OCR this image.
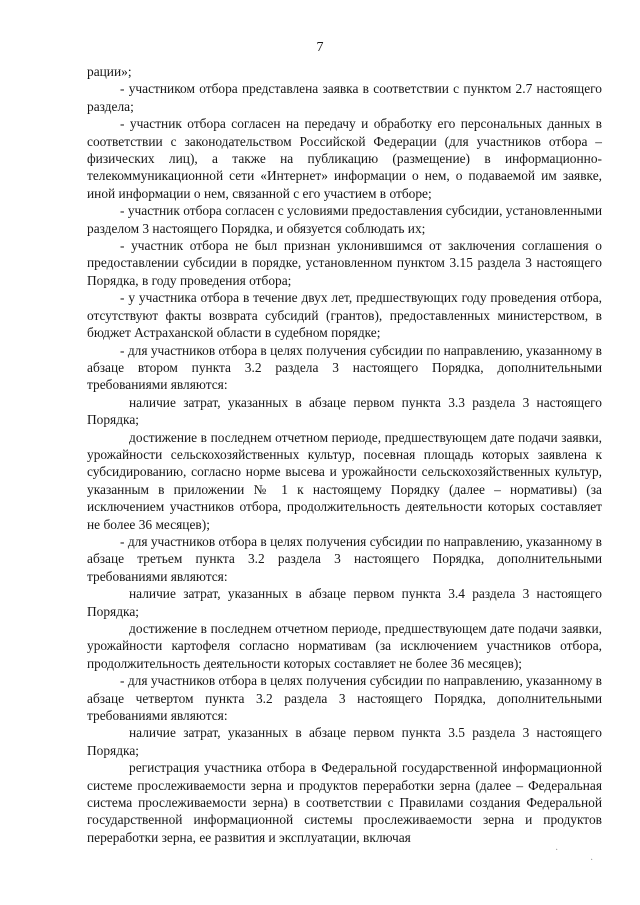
7

рации»;

- участником отбора представлена заявка в соответствии с пунктом 2.7 настоящего раздела;

- участник отбора согласен на передачу и обработку его персональных данных в соответствии с законодательством Российской Федерации (для участников отбора – физических лиц), а также на публикацию (размещение) в информационно-телекоммуникационной сети «Интернет» информации о нем, о подаваемой им заявке, иной информации о нем, связанной с его участием в отборе;

- участник отбора согласен с условиями предоставления субсидии, установленными разделом 3 настоящего Порядка, и обязуется соблюдать их;

- участник отбора не был признан уклонившимся от заключения соглашения о предоставлении субсидии в порядке, установленном пунктом 3.15 раздела 3 настоящего Порядка, в году проведения отбора;

- у участника отбора в течение двух лет, предшествующих году проведения отбора, отсутствуют факты возврата субсидий (грантов), предоставленных министерством, в бюджет Астраханской области в судебном порядке;

- для участников отбора в целях получения субсидии по направлению, указанному в абзаце втором пункта 3.2 раздела 3 настоящего Порядка, дополнительными требованиями являются:

наличие затрат, указанных в абзаце первом пункта 3.3 раздела 3 настоящего Порядка;

достижение в последнем отчетном периоде, предшествующем дате подачи заявки, урожайности сельскохозяйственных культур, посевная площадь которых заявлена к субсидированию, согласно норме высева и урожайности сельскохозяйственных культур, указанным в приложении № 1 к настоящему Порядку (далее – нормативы) (за исключением участников отбора, продолжительность деятельности которых составляет не более 36 месяцев);

- для участников отбора в целях получения субсидии по направлению, указанному в абзаце третьем пункта 3.2 раздела 3 настоящего Порядка, дополнительными требованиями являются:

наличие затрат, указанных в абзаце первом пункта 3.4 раздела 3 настоящего Порядка;

достижение в последнем отчетном периоде, предшествующем дате подачи заявки, урожайности картофеля согласно нормативам (за исключением участников отбора, продолжительность деятельности которых составляет не более 36 месяцев);

- для участников отбора в целях получения субсидии по направлению, указанному в абзаце четвертом пункта 3.2 раздела 3 настоящего Порядка, дополнительными требованиями являются:

наличие затрат, указанных в абзаце первом пункта 3.5 раздела 3 настоящего Порядка;

регистрация участника отбора в Федеральной государственной информационной системе прослеживаемости зерна и продуктов переработки зерна (далее – Федеральная система прослеживаемости зерна) в соответствии с Правилами создания Федеральной государственной информационной системы прослеживаемости зерна и продуктов переработки зерна, ее развития и эксплуатации, включая

·
·
